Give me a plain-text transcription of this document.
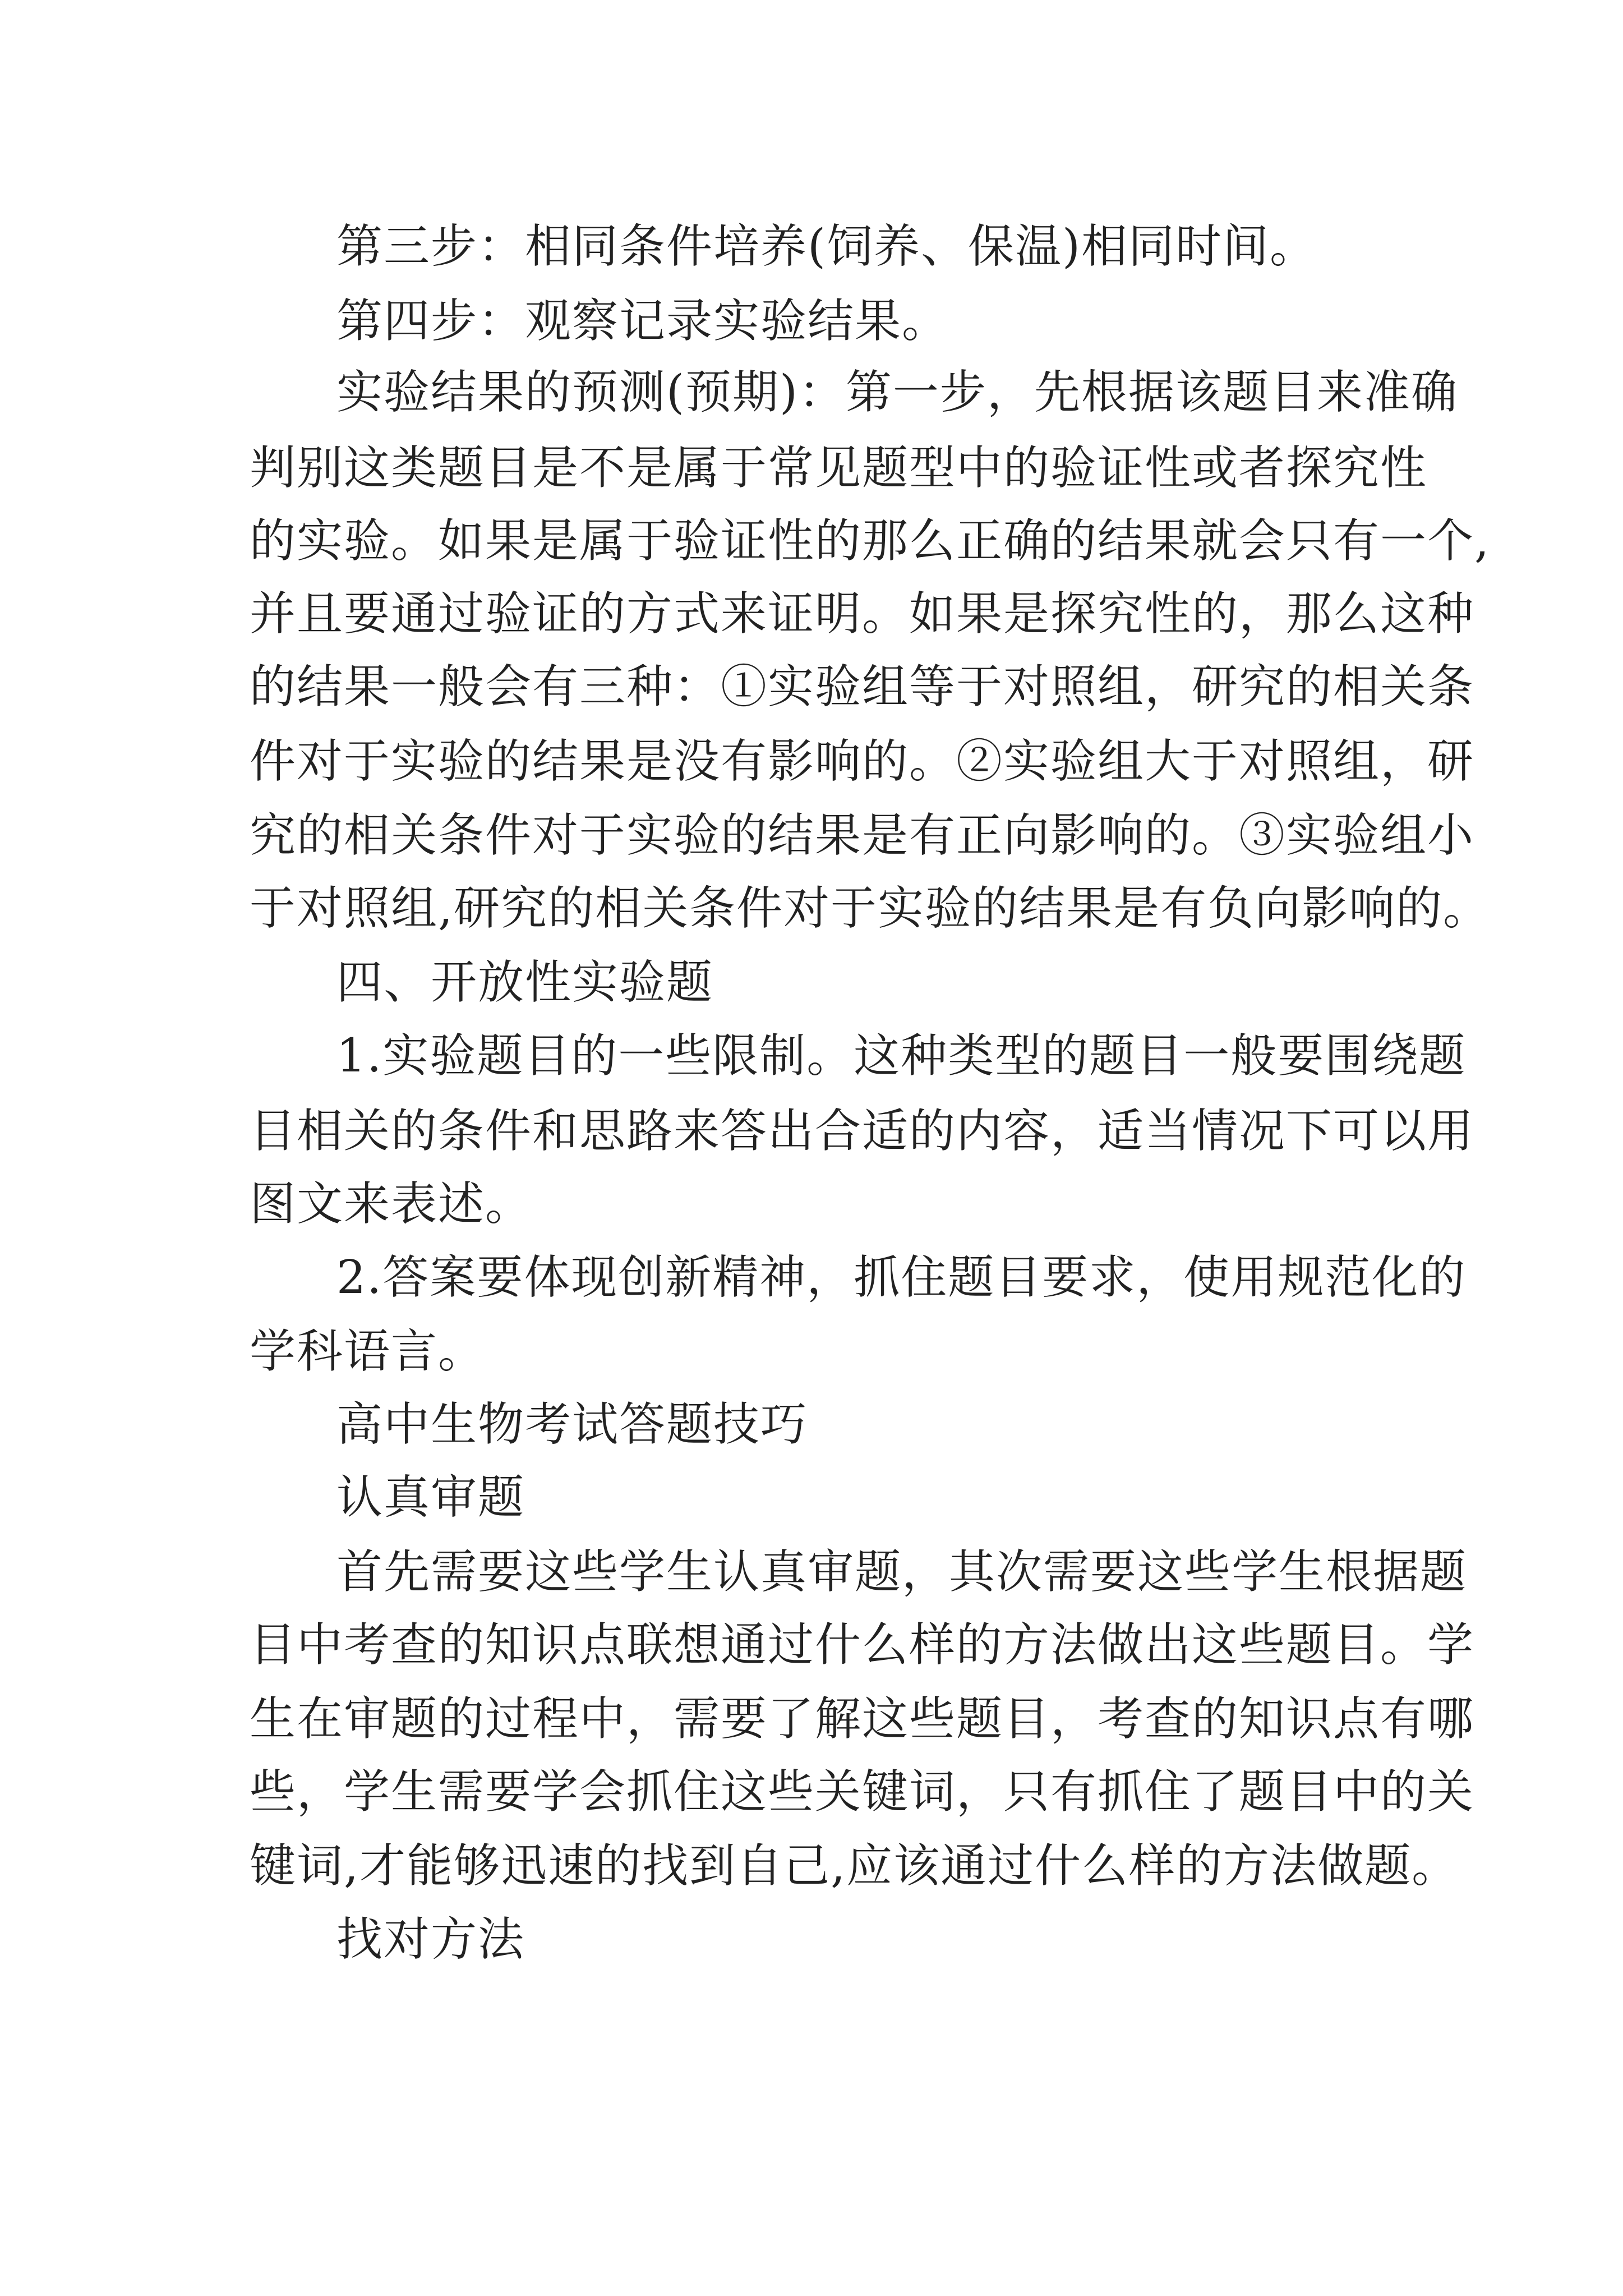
第三步：相同条件培养(饲养、保温)相同时间。
第四步：观察记录实验结果。
实验结果的预测(预期)：第一步，先根据该题目来准确
判别这类题目是不是属于常见题型中的验证性或者探究性
的实验。如果是属于验证性的那么正确的结果就会只有一个,
并且要通过验证的方式来证明。如果是探究性的，那么这种
的结果一般会有三种：①实验组等于对照组，研究的相关条
件对于实验的结果是没有影响的。②实验组大于对照组，研
究的相关条件对于实验的结果是有正向影响的。③实验组小
于对照组,研究的相关条件对于实验的结果是有负向影响的。
四、开放性实验题
1.实验题目的一些限制。这种类型的题目一般要围绕题
目相关的条件和思路来答出合适的内容，适当情况下可以用
图文来表述。
2.答案要体现创新精神，抓住题目要求，使用规范化的
学科语言。
高中生物考试答题技巧
认真审题
首先需要这些学生认真审题，其次需要这些学生根据题
目中考查的知识点联想通过什么样的方法做出这些题目。学
生在审题的过程中，需要了解这些题目，考查的知识点有哪
些，学生需要学会抓住这些关键词，只有抓住了题目中的关
键词,才能够迅速的找到自己,应该通过什么样的方法做题。
找对方法
